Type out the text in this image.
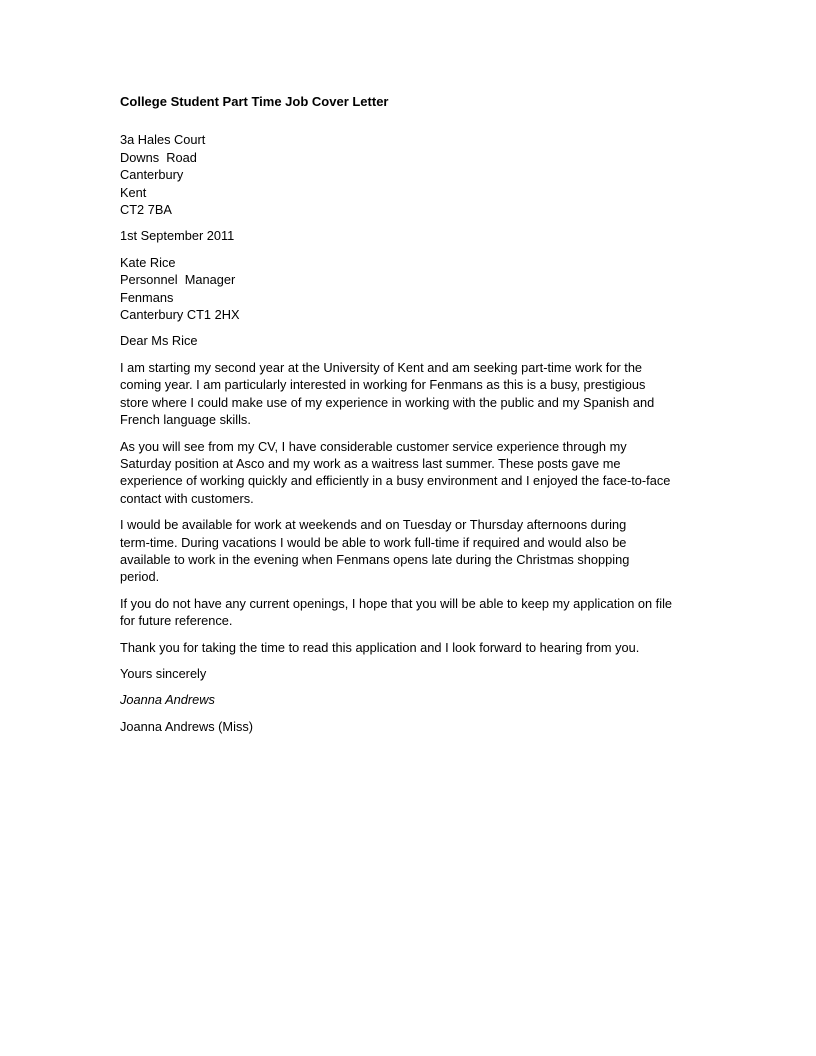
College Student Part Time Job Cover Letter
3a Hales Court
Downs  Road
Canterbury
Kent
CT2 7BA
1st September 2011
Kate Rice
Personnel  Manager
Fenmans
Canterbury CT1 2HX
Dear Ms Rice
I am starting my second year at the University of Kent and am seeking part-time work for the
coming year. I am particularly interested in working for Fenmans as this is a busy, prestigious
store where I could make use of my experience in working with the public and my Spanish and
French language skills.
As you will see from my CV, I have considerable customer service experience through my
Saturday position at Asco and my work as a waitress last summer. These posts gave me
experience of working quickly and efficiently in a busy environment and I enjoyed the face-to-face
contact with customers.
I would be available for work at weekends and on Tuesday or Thursday afternoons during
term-time. During vacations I would be able to work full-time if required and would also be
available to work in the evening when Fenmans opens late during the Christmas shopping
period.
If you do not have any current openings, I hope that you will be able to keep my application on file
for future reference.
Thank you for taking the time to read this application and I look forward to hearing from you.
Yours sincerely
Joanna Andrews
Joanna Andrews (Miss)
